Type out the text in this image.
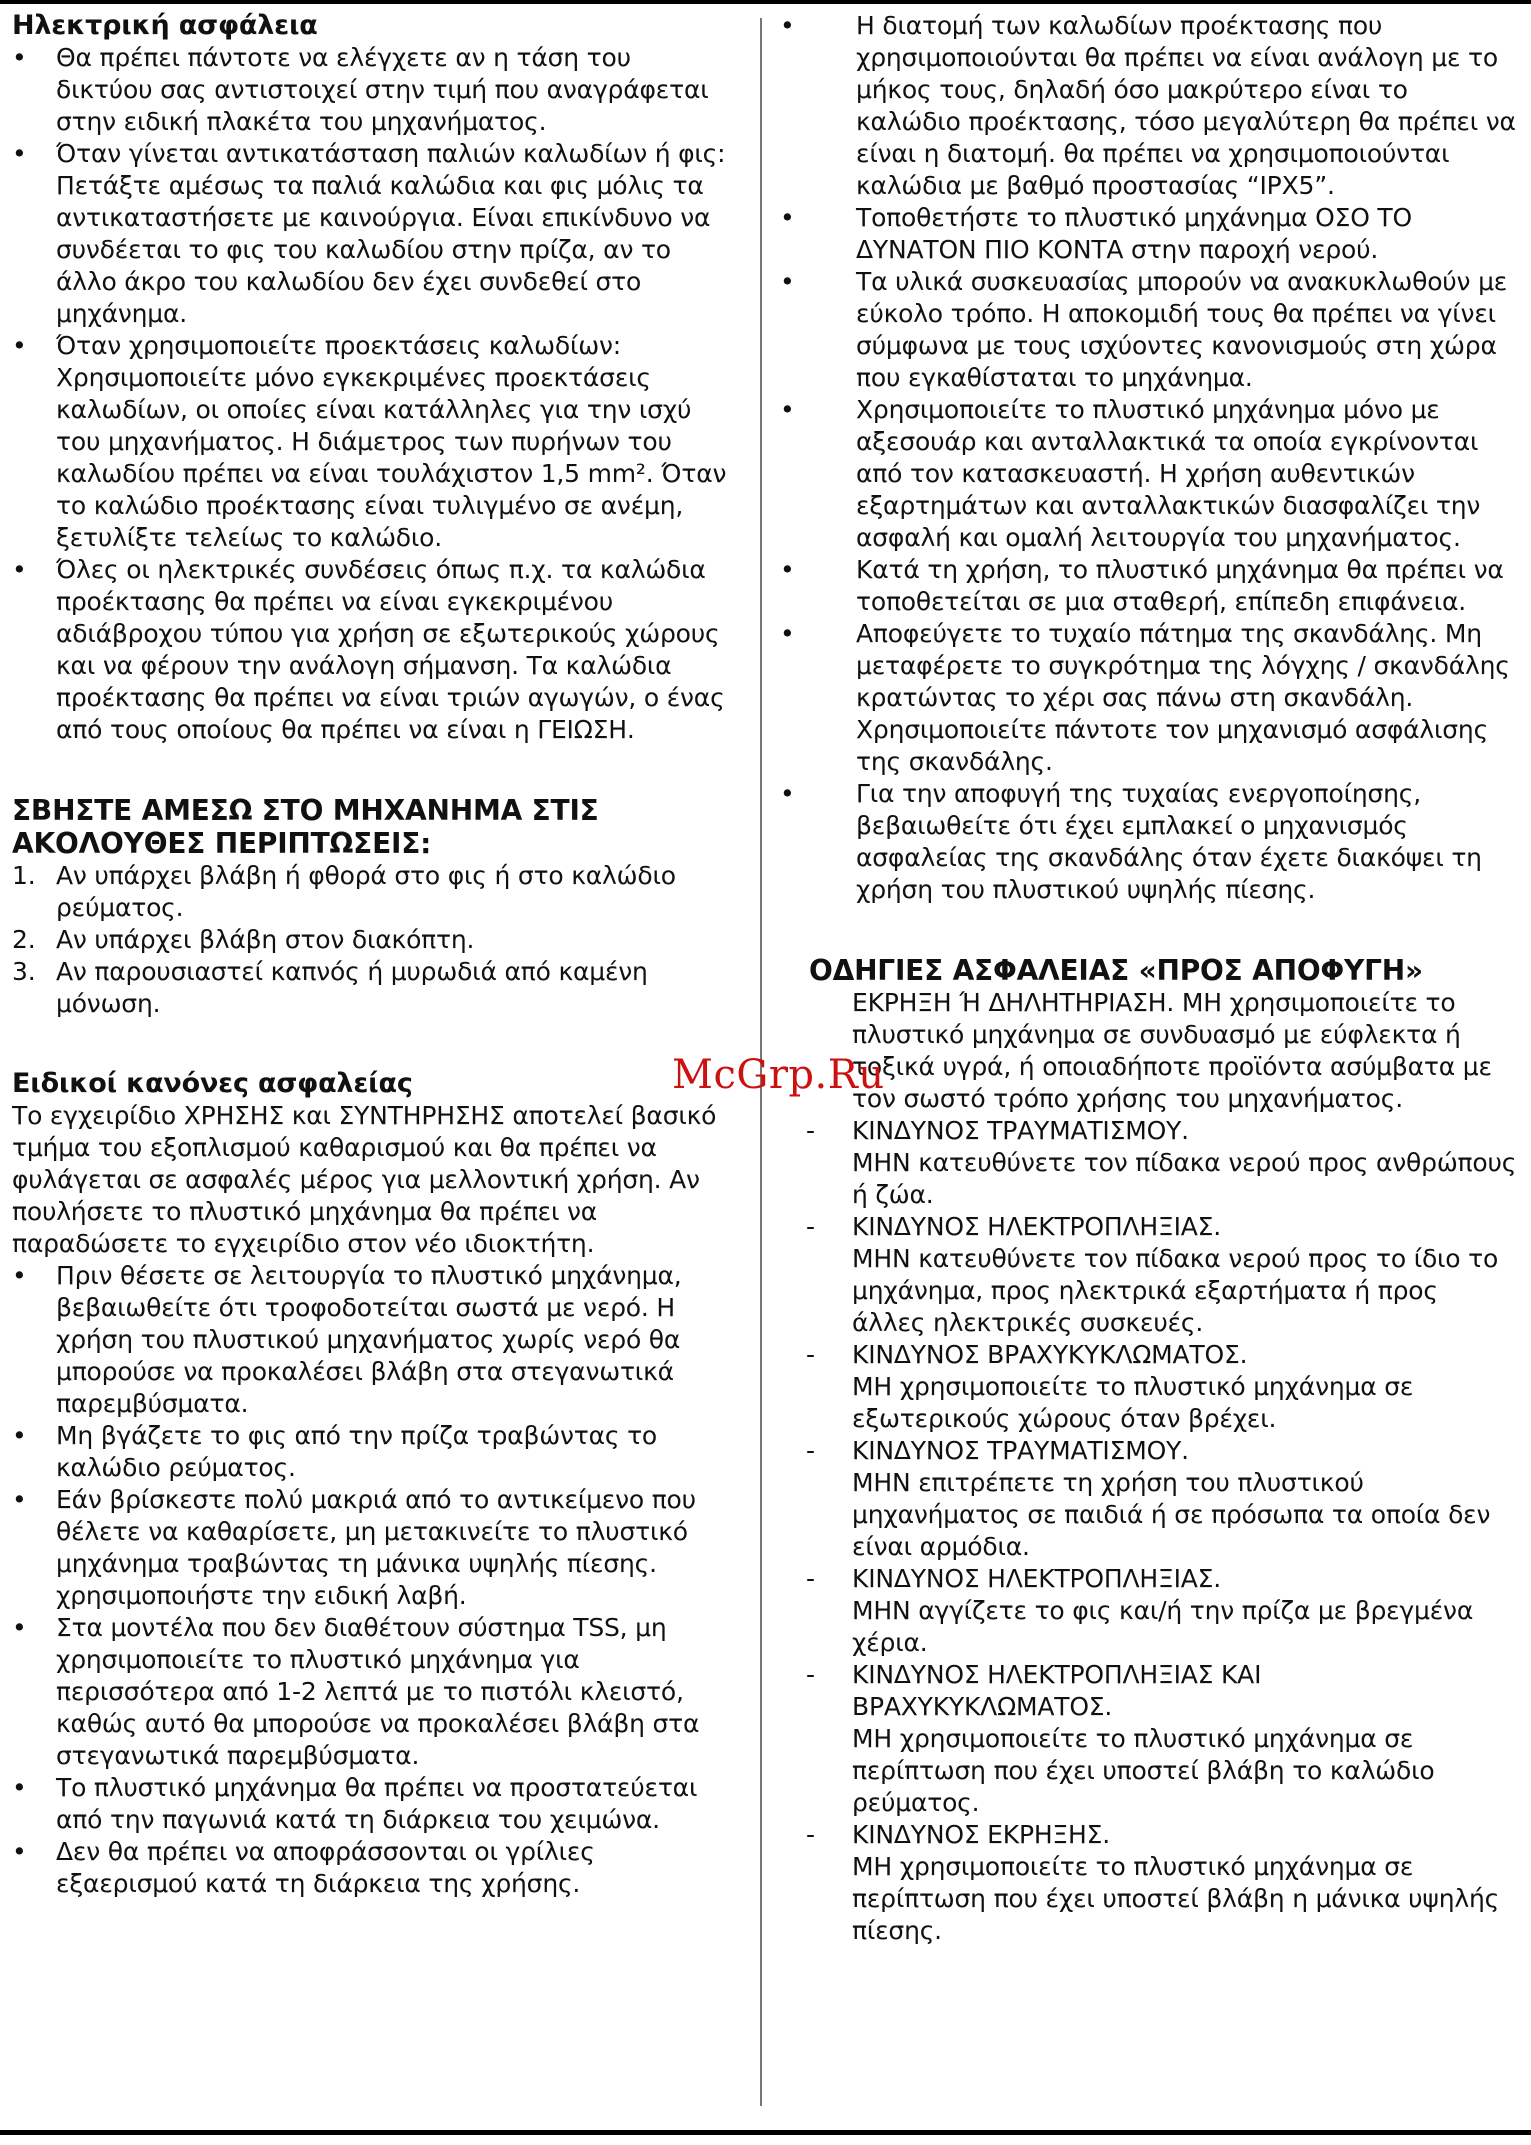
Ηλεκτρική ασφάλεια
•	Θα πρέπει πάντοτε να ελέγχετε αν η τάση του δικτύου σας αντιστοιχεί στην τιμή που αναγράφεται στην ειδική πλακέτα του μηχανήματος.
•	Όταν γίνεται αντικατάσταση παλιών καλωδίων ή φις:
Πετάξτε αμέσως τα παλιά καλώδια και φις μόλις τα αντικαταστήσετε με καινούργια. Είναι επικίνδυνο να συνδέεται το φις του καλωδίου στην πρίζα, αν το άλλο άκρο του καλωδίου δεν έχει συνδεθεί στο μηχάνημα.
•	Όταν χρησιμοποιείτε προεκτάσεις καλωδίων:
Χρησιμοποιείτε μόνο εγκεκριμένες προεκτάσεις καλωδίων, οι οποίες είναι κατάλληλες για την ισχύ του μηχανήματος. Η διάμετρος των πυρήνων του καλωδίου πρέπει να είναι τουλάχιστον 1,5 mm². Όταν το καλώδιο προέκτασης είναι τυλιγμένο σε ανέμη, ξετυλίξτε τελείως το καλώδιο.
•	Όλες οι ηλεκτρικές συνδέσεις όπως π.χ. τα καλώδια προέκτασης θα πρέπει να είναι εγκεκριμένου αδιάβροχου τύπου για χρήση σε εξωτερικούς χώρους και να φέρουν την ανάλογη σήμανση. Τα καλώδια προέκτασης θα πρέπει να είναι τριών αγωγών, ο ένας από τους οποίους θα πρέπει να είναι η ΓΕΙΩΣΗ.
ΣΒΗΣΤΕ ΑΜΕΣΩ ΣΤΟ ΜΗΧΑΝΗΜΑ ΣΤΙΣ ΑΚΟΛΟΥΘΕΣ ΠΕΡΙΠΤΩΣΕΙΣ:
1. Αν υπάρχει βλάβη ή φθορά στο φις ή στο καλώδιο ρεύματος.
2. Αν υπάρχει βλάβη στον διακόπτη.
3. Αν παρουσιαστεί καπνός ή μυρωδιά από καμένη μόνωση.
Ειδικοί κανόνες ασφαλείας

Το εγχειρίδιο ΧΡΗΣΗΣ και ΣΥΝΤΗΡΗΣΗΣ αποτελεί βασικό τμήμα του εξοπλισμού καθαρισμού και θα πρέπει να φυλάγεται σε ασφαλές μέρος για μελλοντική χρήση. Αν πουλήσετε το πλυστικό μηχάνημα θα πρέπει να παραδώσετε το εγχειρίδιο στον νέο ιδιοκτήτη.

•	Πριν θέσετε σε λειτουργία το πλυστικό μηχάνημα, βεβαιωθείτε ότι τροφοδοτείται σωστά με νερό. Η χρήση του πλυστικού μηχανήματος χωρίς νερό θα μπορούσε να προκαλέσει βλάβη στα στεγανωτικά παρεμβύσματα.
•	Μη βγάζετε το φις από την πρίζα τραβώντας το καλώδιο ρεύματος.
•	Εάν βρίσκεστε πολύ μακριά από το αντικείμενο που θέλετε να καθαρίσετε, μη μετακινείτε το πλυστικό μηχάνημα τραβώντας τη μάνικα υψηλής πίεσης. χρησιμοποιήστε την ειδική λαβή.
•	Στα μοντέλα που δεν διαθέτουν σύστημα TSS, μη χρησιμοποιείτε το πλυστικό μηχάνημα για περισσότερα από 1-2 λεπτά με το πιστόλι κλειστό, καθώς αυτό θα μπορούσε να προκαλέσει βλάβη στα στεγανωτικά παρεμβύσματα.
•	Το πλυστικό μηχάνημα θα πρέπει να προστατεύεται από την παγωνιά κατά τη διάρκεια του χειμώνα.
•	Δεν θα πρέπει να αποφράσσονται οι γρίλιες εξαερισμού κατά τη διάρκεια της χρήσης.
•	Η διατομή των καλωδίων προέκτασης που χρησιμοποιούνται θα πρέπει να είναι ανάλογη με το μήκος τους, δηλαδή όσο μακρύτερο είναι το καλώδιο προέκτασης, τόσο μεγαλύτερη θα πρέπει να είναι η διατομή. θα πρέπει να χρησιμοποιούνται καλώδια με βαθμό προστασίας “IPX5”.
•	Τοποθετήστε το πλυστικό μηχάνημα ΟΣΟ ΤΟ ΔΥΝΑΤΟΝ ΠΙΟ ΚΟΝΤΑ στην παροχή νερού.
•	Τα υλικά συσκευασίας μπορούν να ανακυκλωθούν με εύκολο τρόπο. Η αποκομιδή τους θα πρέπει να γίνει σύμφωνα με τους ισχύοντες κανονισμούς στη χώρα που εγκαθίσταται το μηχάνημα.
•	Χρησιμοποιείτε το πλυστικό μηχάνημα μόνο με αξεσουάρ και ανταλλακτικά τα οποία εγκρίνονται από τον κατασκευαστή. Η χρήση αυθεντικών εξαρτημάτων και ανταλλακτικών διασφαλίζει την ασφαλή και ομαλή λειτουργία του μηχανήματος.
•	Κατά τη χρήση, το πλυστικό μηχάνημα θα πρέπει να τοποθετείται σε μια σταθερή, επίπεδη επιφάνεια.
•	Αποφεύγετε το τυχαίο πάτημα της σκανδάλης. Μη μεταφέρετε το συγκρότημα της λόγχης / σκανδάλης κρατώντας το χέρι σας πάνω στη σκανδάλη. Χρησιμοποιείτε πάντοτε τον μηχανισμό ασφάλισης της σκανδάλης.
•	Για την αποφυγή της τυχαίας ενεργοποίησης, βεβαιωθείτε ότι έχει εμπλακεί ο μηχανισμός ασφαλείας της σκανδάλης όταν έχετε διακόψει τη χρήση του πλυστικού υψηλής πίεσης.
ΟΔΗΓΙΕΣ ΑΣΦΑΛΕΙΑΣ «ΠΡΟΣ ΑΠΟΦΥΓΗ»
ΕΚΡΗΞΗ Ή ΔΗΛΗΤΗΡΙΑΣΗ. ΜΗ χρησιμοποιείτε το πλυστικό μηχάνημα σε συνδυασμό με εύφλεκτα ή τοξικά υγρά, ή οποιαδήποτε προϊόντα ασύμβατα με τον σωστό τρόπο χρήσης του μηχανήματος.
-	ΚΙΝΔΥΝΟΣ ΤΡΑΥΜΑΤΙΣΜΟΥ.
ΜΗΝ κατευθύνετε τον πίδακα νερού προς ανθρώπους ή ζώα.
-	ΚΙΝΔΥΝΟΣ ΗΛΕΚΤΡΟΠΛΗΞΙΑΣ.
ΜΗΝ κατευθύνετε τον πίδακα νερού προς το ίδιο το μηχάνημα, προς ηλεκτρικά εξαρτήματα ή προς άλλες ηλεκτρικές συσκευές.
-	ΚΙΝΔΥΝΟΣ ΒΡΑΧΥΚΥΚΛΩΜΑΤΟΣ.
ΜΗ χρησιμοποιείτε το πλυστικό μηχάνημα σε εξωτερικούς χώρους όταν βρέχει.
-	ΚΙΝΔΥΝΟΣ ΤΡΑΥΜΑΤΙΣΜΟΥ.
ΜΗΝ επιτρέπετε τη χρήση του πλυστικού μηχανήματος σε παιδιά ή σε πρόσωπα τα οποία δεν είναι αρμόδια.
-	ΚΙΝΔΥΝΟΣ ΗΛΕΚΤΡΟΠΛΗΞΙΑΣ.
ΜΗΝ αγγίζετε το φις και/ή την πρίζα με βρεγμένα χέρια.
-	ΚΙΝΔΥΝΟΣ ΗΛΕΚΤΡΟΠΛΗΞΙΑΣ ΚΑΙ ΒΡΑΧΥΚΥΚΛΩΜΑΤΟΣ.
ΜΗ χρησιμοποιείτε το πλυστικό μηχάνημα σε περίπτωση που έχει υποστεί βλάβη το καλώδιο ρεύματος.
-	ΚΙΝΔΥΝΟΣ ΕΚΡΗΞΗΣ.
ΜΗ χρησιμοποιείτε το πλυστικό μηχάνημα σε περίπτωση που έχει υποστεί βλάβη η μάνικα υψηλής πίεσης.
McGrp.Ru
